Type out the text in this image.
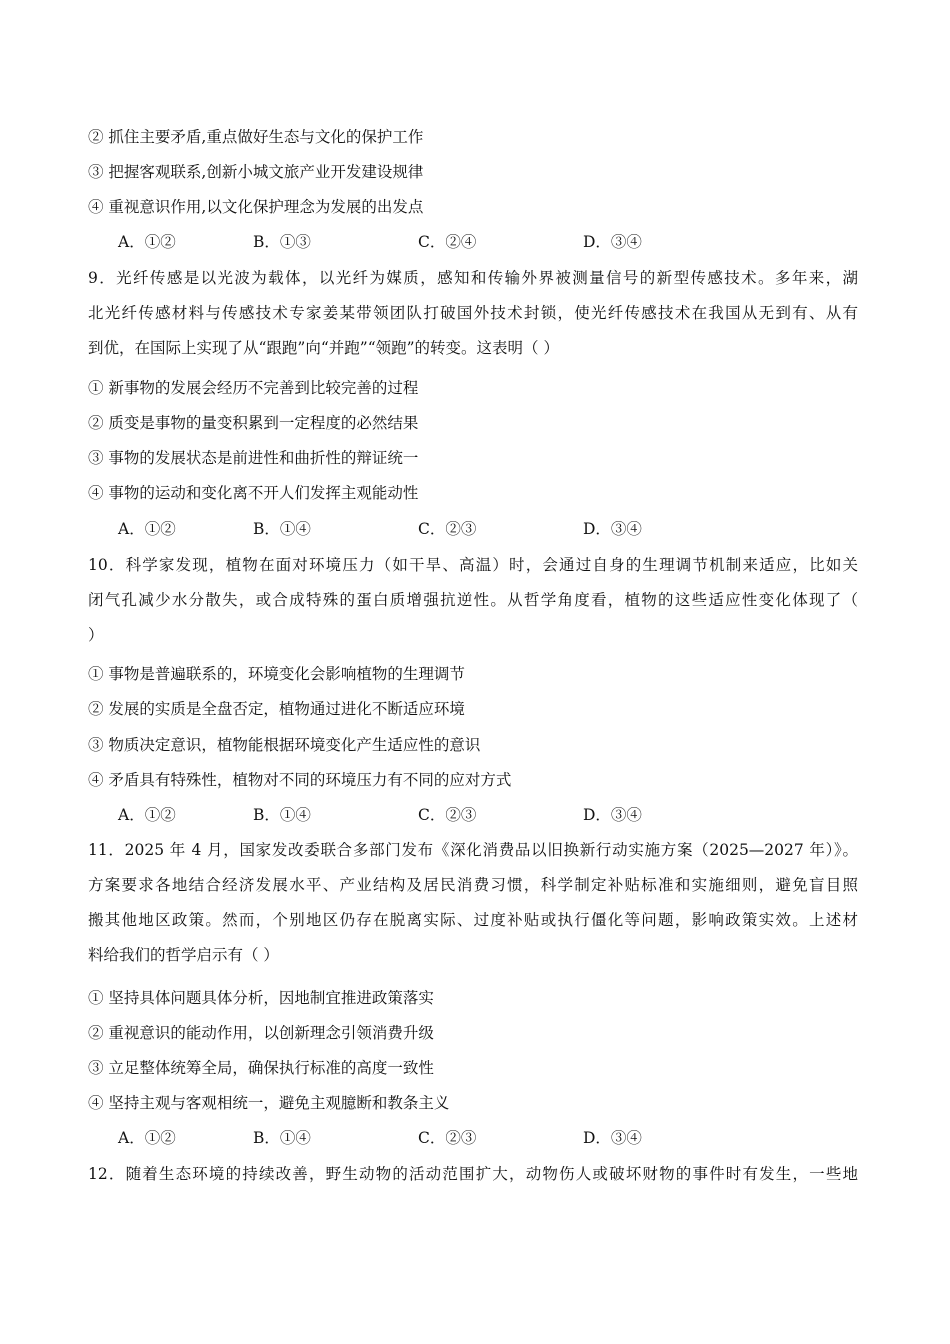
② 抓住主要矛盾,重点做好生态与文化的保护工作
③ 把握客观联系,创新小城文旅产业开发建设规律
④ 重视意识作用,以文化保护理念为发展的出发点
A．①②	B．①③	C．②④	D．③④
9．光纤传感是以光波为载体，以光纤为媒质，感知和传输外界被测量信号的新型传感技术。多年来，湖
北光纤传感材料与传感技术专家姜某带领团队打破国外技术封锁，使光纤传感技术在我国从无到有、从有
到优，在国际上实现了从“跟跑”向“并跑”“领跑”的转变。这表明（ ）
① 新事物的发展会经历不完善到比较完善的过程
② 质变是事物的量变积累到一定程度的必然结果
③ 事物的发展状态是前进性和曲折性的辩证统一
④ 事物的运动和变化离不开人们发挥主观能动性
A．①②	B．①④	C．②③	D．③④
10．科学家发现，植物在面对环境压力（如干旱、高温）时，会通过自身的生理调节机制来适应，比如关
闭气孔减少水分散失，或合成特殊的蛋白质增强抗逆性。从哲学角度看，植物的这些适应性变化体现了（
）
① 事物是普遍联系的，环境变化会影响植物的生理调节
② 发展的实质是全盘否定，植物通过进化不断适应环境
③ 物质决定意识，植物能根据环境变化产生适应性的意识
④ 矛盾具有特殊性，植物对不同的环境压力有不同的应对方式
A．①②	B．①④	C．②③	D．③④
11．2025 年 4 月，国家发改委联合多部门发布《深化消费品以旧换新行动实施方案（2025—2027 年）》。
方案要求各地结合经济发展水平、产业结构及居民消费习惯，科学制定补贴标准和实施细则，避免盲目照
搬其他地区政策。然而，个别地区仍存在脱离实际、过度补贴或执行僵化等问题，影响政策实效。上述材
料给我们的哲学启示有（ ）
① 坚持具体问题具体分析，因地制宜推进政策落实
② 重视意识的能动作用，以创新理念引领消费升级
③ 立足整体统筹全局，确保执行标准的高度一致性
④ 坚持主观与客观相统一，避免主观臆断和教条主义
A．①②	B．①④	C．②③	D．③④
12．随着生态环境的持续改善，野生动物的活动范围扩大，动物伤人或破坏财物的事件时有发生，一些地
